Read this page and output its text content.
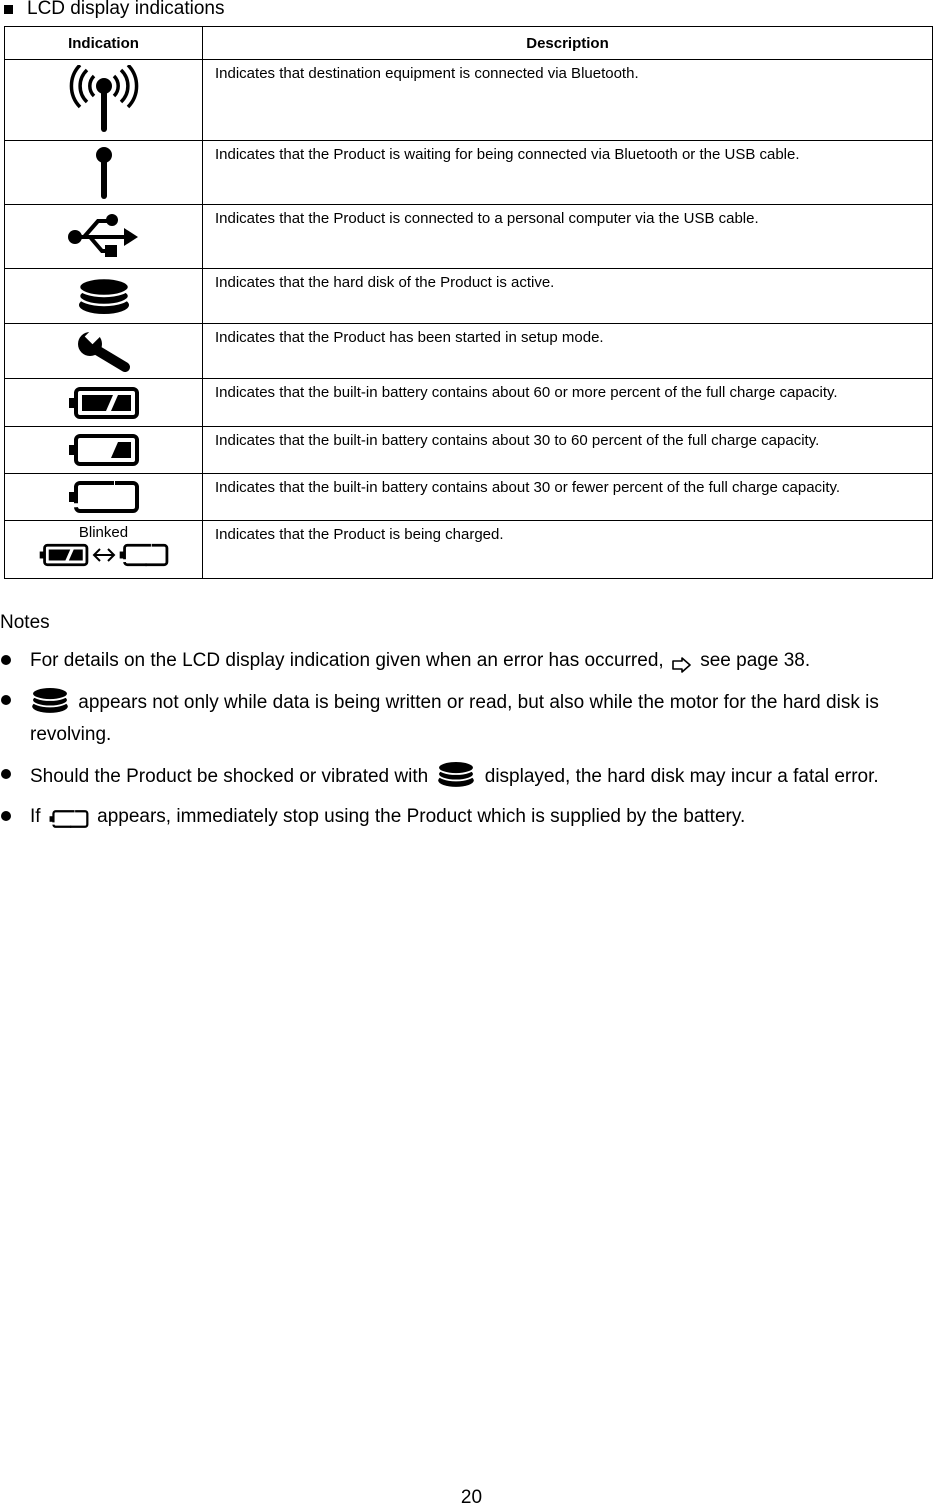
LCD display indications
Indication	Description
	Indicates that destination equipment is connected via Bluetooth.
	Indicates that the Product is waiting for being connected via Bluetooth or the USB cable.
	Indicates that the Product is connected to a personal computer via the USB cable.
	Indicates that the hard disk of the Product is active.
	Indicates that the Product has been started in setup mode.
	Indicates that the built-in battery contains about 60 or more percent of the full charge capacity.
	Indicates that the built-in battery contains about 30 to 60 percent of the full charge capacity.
	Indicates that the built-in battery contains about 30 or fewer percent of the full charge capacity.

Blinked	Indicates that the Product is being charged.
Notes
For details on the LCD display indication given when an error has occurred,  see page 38.
appears not only while data is being written or read, but also while the motor for the hard disk is revolving.
Should the Product be shocked or vibrated with  displayed, the hard disk may incur a fatal error.
If  appears, immediately stop using the Product which is supplied by the battery.
20
